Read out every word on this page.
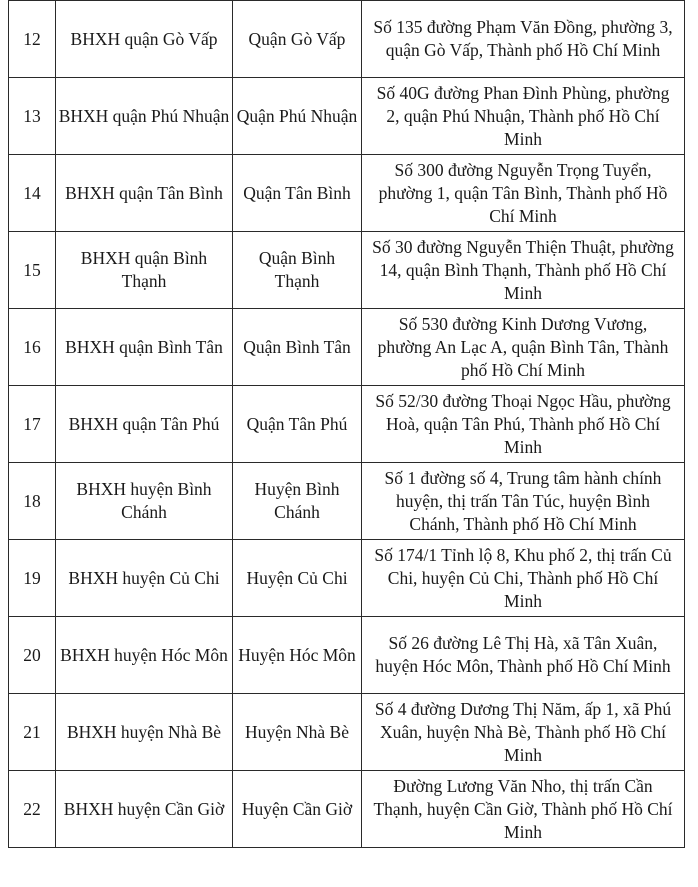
12	BHXH quận Gò Vấp	Quận Gò Vấp	Số 135 đường Phạm Văn Đồng, phường 3, quận Gò Vấp, Thành phố Hồ Chí Minh
13	BHXH quận Phú Nhuận	Quận Phú Nhuận	Số 40G đường Phan Đình Phùng, phường 2, quận Phú Nhuận, Thành phố Hồ Chí Minh
14	BHXH quận Tân Bình	Quận Tân Bình	Số 300 đường Nguyễn Trọng Tuyển, phường 1, quận Tân Bình, Thành phố Hồ Chí Minh
15	BHXH quận Bình Thạnh	Quận Bình Thạnh	Số 30 đường Nguyễn Thiện Thuật, phường 14, quận Bình Thạnh, Thành phố Hồ Chí Minh
16	BHXH quận Bình Tân	Quận Bình Tân	Số 530 đường Kinh Dương Vương, phường An Lạc A, quận Bình Tân, Thành phố Hồ Chí Minh
17	BHXH quận Tân Phú	Quận Tân Phú	Số 52/30 đường Thoại Ngọc Hầu, phường Hoà, quận Tân Phú, Thành phố Hồ Chí Minh
18	BHXH huyện Bình Chánh	Huyện Bình Chánh	Số 1 đường số 4, Trung tâm hành chính huyện, thị trấn Tân Túc, huyện Bình Chánh, Thành phố Hồ Chí Minh
19	BHXH huyện Củ Chi	Huyện Củ Chi	Số 174/1 Tỉnh lộ 8, Khu phố 2, thị trấn Củ Chi, huyện Củ Chi, Thành phố Hồ Chí Minh
20	BHXH huyện Hóc Môn	Huyện Hóc Môn	Số 26 đường Lê Thị Hà, xã Tân Xuân, huyện Hóc Môn, Thành phố Hồ Chí Minh
21	BHXH huyện Nhà Bè	Huyện Nhà Bè	Số 4 đường Dương Thị Năm, ấp 1, xã Phú Xuân, huyện Nhà Bè, Thành phố Hồ Chí Minh
22	BHXH huyện Cần Giờ	Huyện Cần Giờ	Đường Lương Văn Nho, thị trấn Cần Thạnh, huyện Cần Giờ, Thành phố Hồ Chí Minh
